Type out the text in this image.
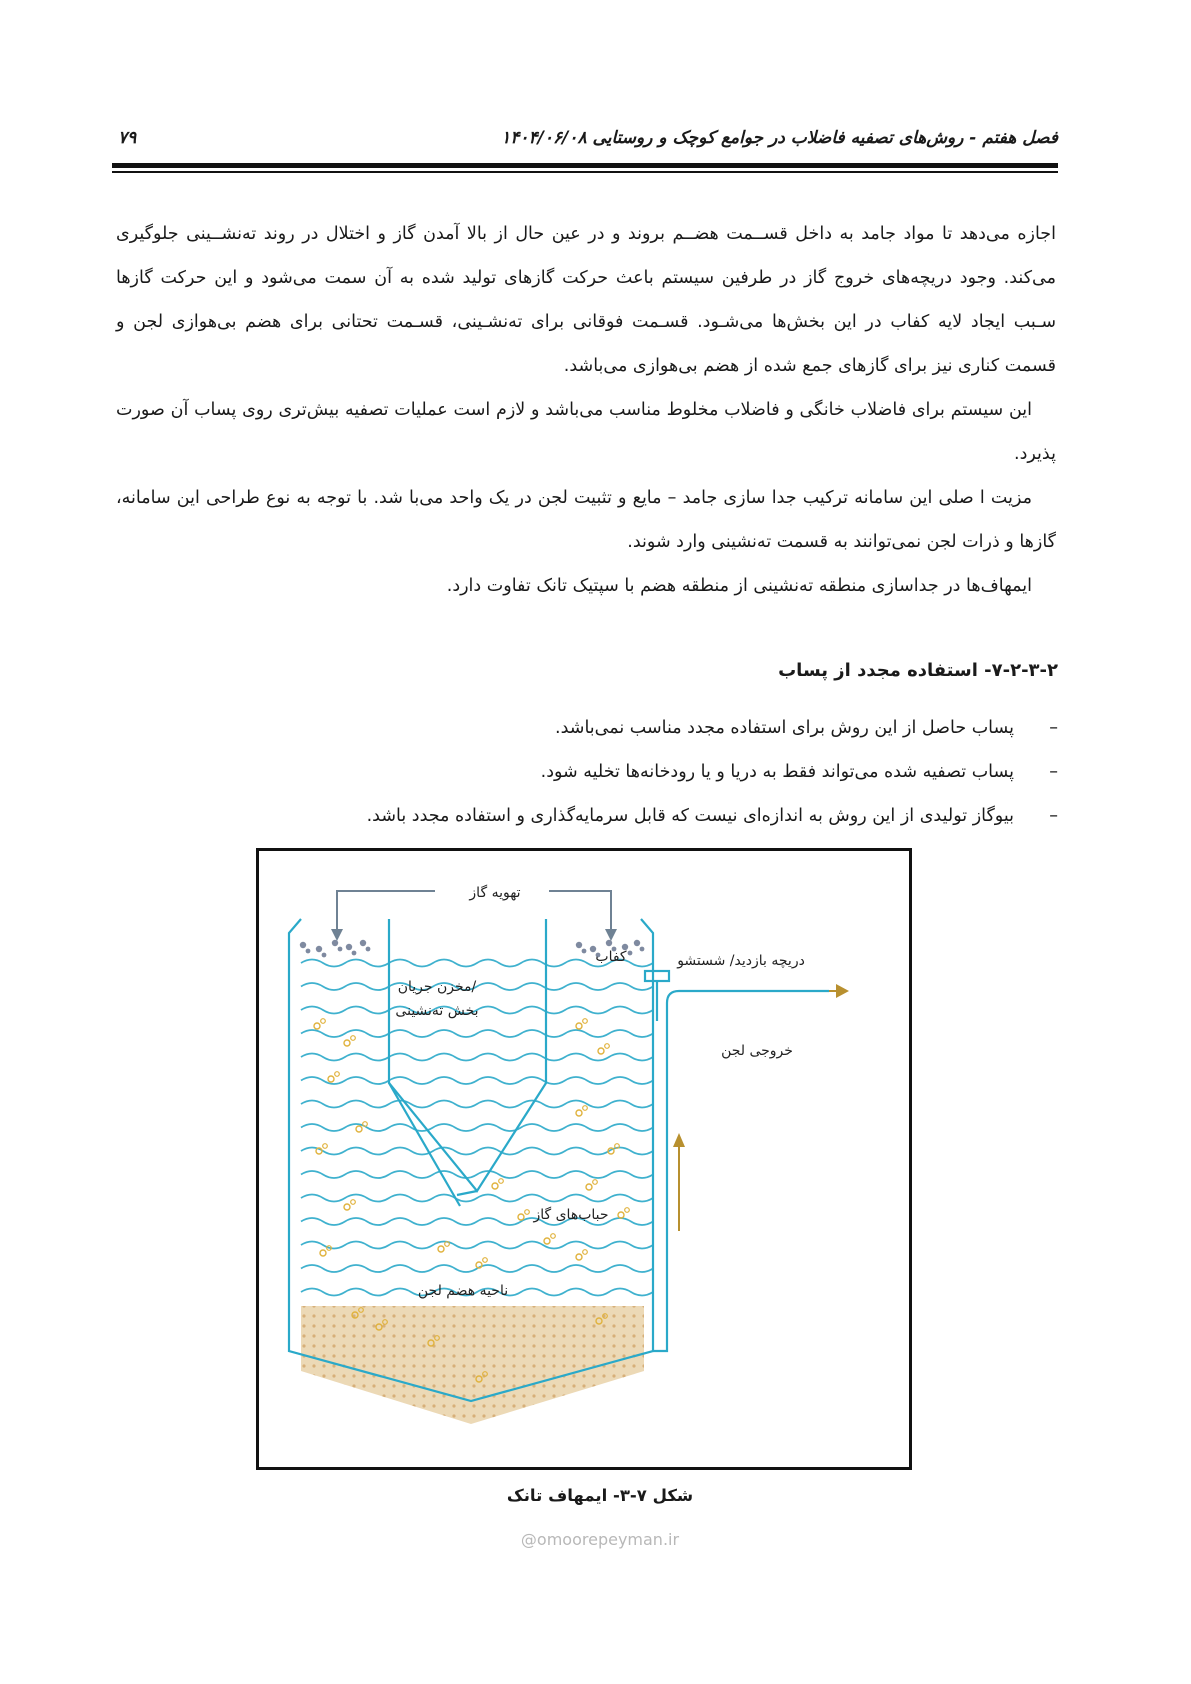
فصل هفتم - روش‌های تصفیه فاضلاب در جوامع کوچک و روستایی ۱۴۰۴/۰۶/۰۸
۷۹

اجازه می‌دهد تا مواد جامد به داخل قســمت هضــم بروند و در عین حال از بالا آمدن گاز و اختلال در روند ته‌نشــینی جلوگیری می‌کند. وجود دریچه‌های خروج گاز در طرفین سیستم باعث حرکت گازهای تولید شده به آن سمت می‌شود و این حرکت گازها سـبب ایجاد لایه کفاب در این بخش‌ها می‌شـود. قسـمت فوقانی برای ته‌نشـینی، قسـمت تحتانی برای هضم بی‌هوازی لجن و قسمت کناری نیز برای گازهای جمع شده از هضم بی‌هوازی می‌باشد.

این سیستم برای فاضلاب خانگی و فاضلاب مخلوط مناسب می‌باشد و لازم است عملیات تصفیه بیش‌تری روی پساب آن صورت پذیرد.

مزیت ا صلی این سامانه ترکیب جدا سازی جامد – مایع و تثبیت لجن در یک واحد می‌با شد. با توجه به نوع طراحی این سامانه، گازها و ذرات لجن نمی‌توانند به قسمت ته‌نشینی وارد شوند.

ایمهاف‌ها در جداسازی منطقه ته‌نشینی از منطقه هضم با سپتیک تانک تفاوت دارد.

۷-۲-۳-۲- استفاده مجدد از پساب
–پساب حاصل از این روش برای استفاده مجدد مناسب نمی‌باشد.
–پساب تصفیه شده می‌تواند فقط به دریا و یا رودخانه‌ها تخلیه شود.
–بیوگاز تولیدی از این روش به اندازه‌ای نیست که قابل سرمایه‌گذاری و استفاده مجدد باشد.
تهویه گاز
کفاب
مخزن جریان/
بخش ته‌نشینی
دریچه بازدید/ شستشو
خروجی لجن
حباب‌های گاز
ناحیه هضم لجن
شکل ۷-۳- ایمهاف تانک
@omoorepeyman.ir
